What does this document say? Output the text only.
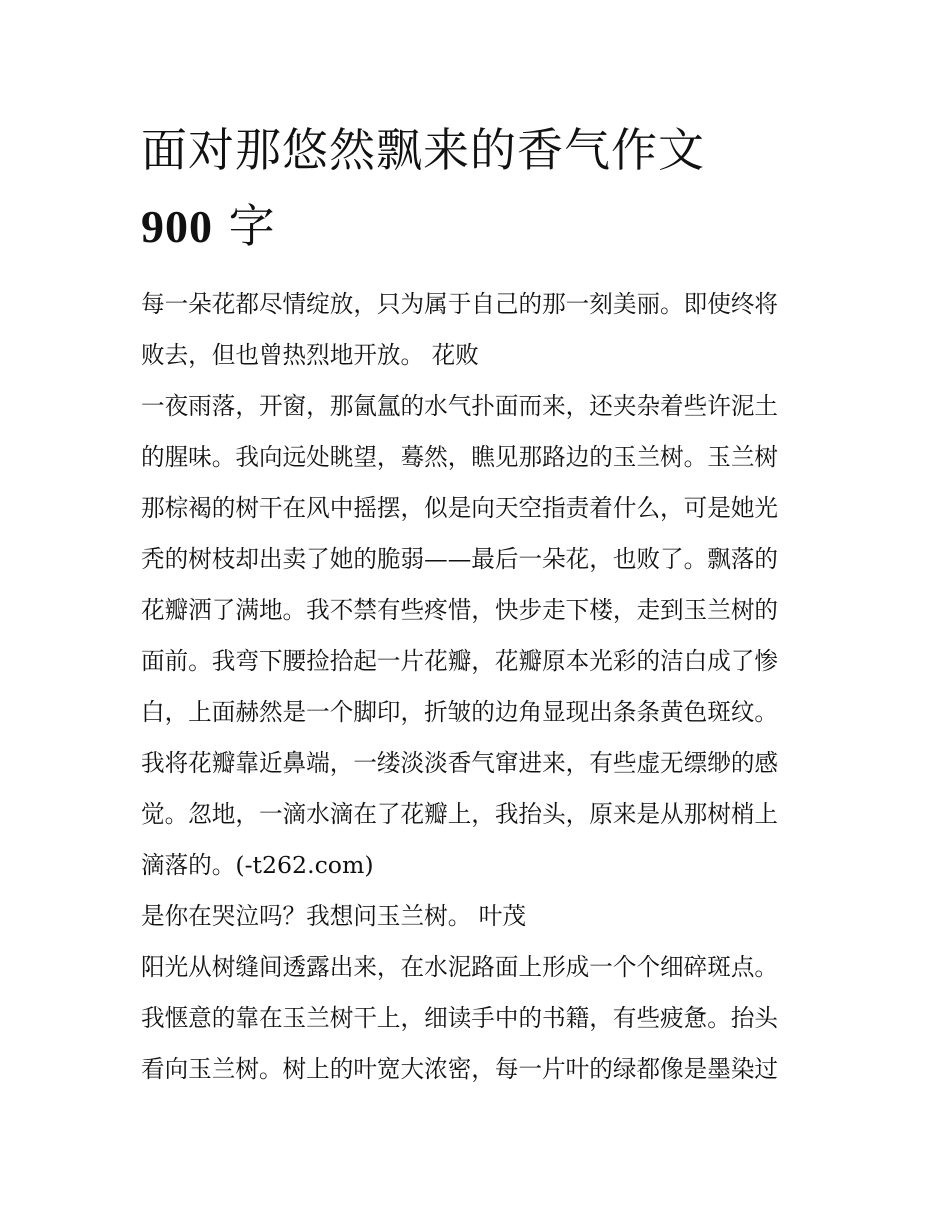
面对那悠然飘来的香气作文
900 字
每一朵花都尽情绽放，只为属于自己的那一刻美丽。即使终将
败去，但也曾热烈地开放。 花败
一夜雨落，开窗，那氤氲的水气扑面而来，还夹杂着些许泥土
的腥味。我向远处眺望，蓦然，瞧见那路边的玉兰树。玉兰树
那棕褐的树干在风中摇摆，似是向天空指责着什么，可是她光
秃的树枝却出卖了她的脆弱——最后一朵花，也败了。飘落的
花瓣洒了满地。我不禁有些疼惜，快步走下楼，走到玉兰树的
面前。我弯下腰捡拾起一片花瓣，花瓣原本光彩的洁白成了惨
白，上面赫然是一个脚印，折皱的边角显现出条条黄色斑纹。
我将花瓣靠近鼻端，一缕淡淡香气窜进来，有些虚无缥缈的感
觉。忽地，一滴水滴在了花瓣上，我抬头，原来是从那树梢上
滴落的。(-t262.com)
是你在哭泣吗？我想问玉兰树。 叶茂
阳光从树缝间透露出来，在水泥路面上形成一个个细碎斑点。
我惬意的靠在玉兰树干上，细读手中的书籍，有些疲惫。抬头
看向玉兰树。树上的叶宽大浓密，每一片叶的绿都像是墨染过
